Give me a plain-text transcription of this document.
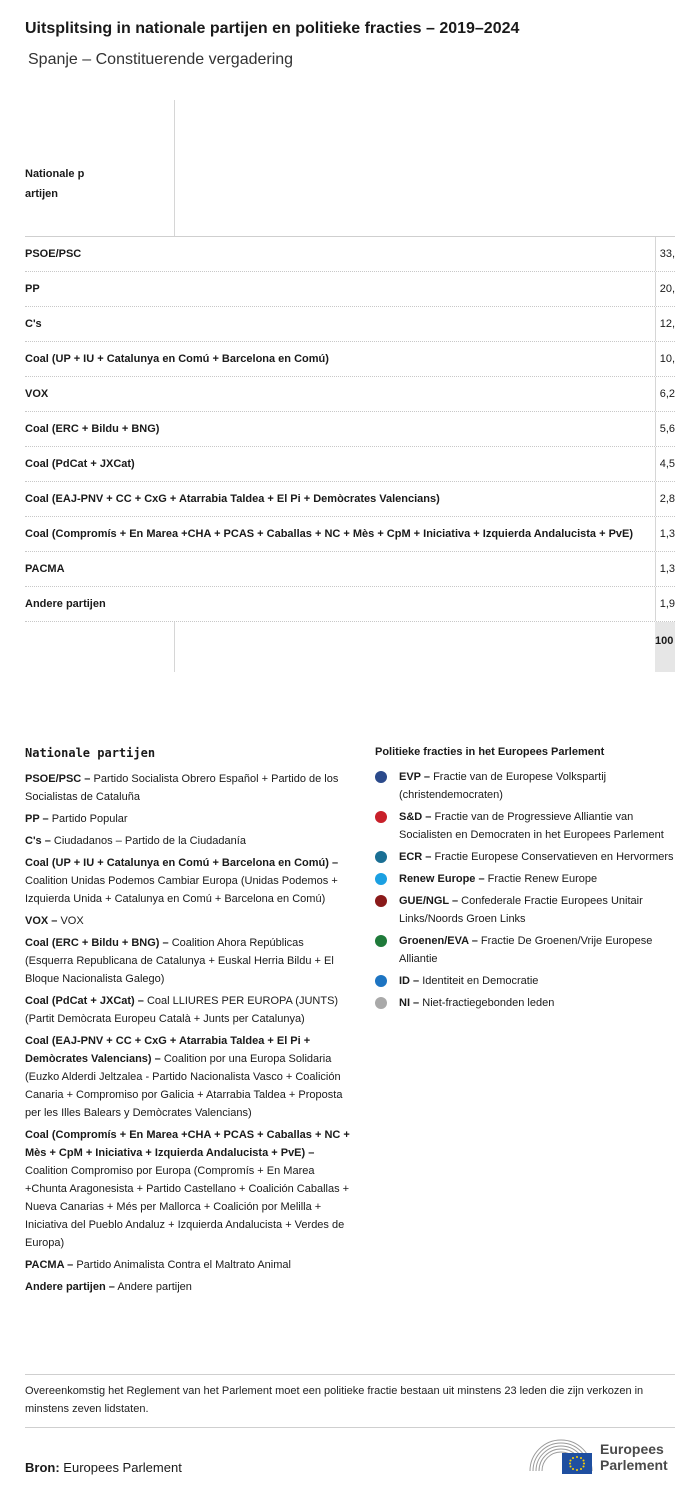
Uitsplitsing in nationale partijen en politieke fracties – 2019–2024
Spanje – Constituerende vergadering
Nationale partijen
PSOE/PSC	33,
PP	20,
C's	12,
Coal (UP + IU + Catalunya en Comú + Barcelona en Comú)	10,
VOX	6,2
Coal (ERC + Bildu + BNG)	5,6
Coal (PdCat + JXCat)	4,5
Coal (EAJ-PNV + CC + CxG + Atarrabia Taldea + El Pi + Demòcrates Valencians)	2,8
Coal (Compromís + En Marea +CHA + PCAS + Caballas + NC + Mès + CpM + Iniciativa + Izquierda Andalucista + PvE)	1,3
PACMA	1,3
Andere partijen	1,9
100
Nationale partijen
PSOE/PSC – Partido Socialista Obrero Español + Partido de los Socialistas de Cataluña
PP – Partido Popular
C's – Ciudadanos – Partido de la Ciudadanía
Coal (UP + IU + Catalunya en Comú + Barcelona en Comú) – Coalition Unidas Podemos Cambiar Europa (Unidas Podemos + Izquierda Unida + Catalunya en Comú + Barcelona en Comú)
VOX – VOX
Coal (ERC + Bildu + BNG) – Coalition Ahora Repúblicas (Esquerra Republicana de Catalunya + Euskal Herria Bildu + El Bloque Nacionalista Galego)
Coal (PdCat + JXCat) – Coal LLIURES PER EUROPA (JUNTS) (Partit Demòcrata Europeu Català + Junts per Catalunya)
Coal (EAJ-PNV + CC + CxG + Atarrabia Taldea + El Pi + Demòcrates Valencians) – Coalition por una Europa Solidaria (Euzko Alderdi Jeltzalea - Partido Nacionalista Vasco + Coalición Canaria + Compromiso por Galicia + Atarrabia Taldea + Proposta per les Illes Balears y Demòcrates Valencians)
Coal (Compromís + En Marea +CHA + PCAS + Caballas + NC + Mès + CpM + Iniciativa + Izquierda Andalucista + PvE) – Coalition Compromiso por Europa (Compromís + En Marea +Chunta Aragonesista + Partido Castellano + Coalición Caballas + Nueva Canarias + Més per Mallorca + Coalición por Melilla + Iniciativa del Pueblo Andaluz + Izquierda Andalucista + Verdes de Europa)
PACMA – Partido Animalista Contra el Maltrato Animal
Andere partijen – Andere partijen
Politieke fracties in het Europees Parlement
EVP – Fractie van de Europese Volkspartij (christendemocraten)
S&D – Fractie van de Progressieve Alliantie van Socialisten en Democraten in het Europees Parlement
ECR – Fractie Europese Conservatieven en Hervormers
Renew Europe – Fractie Renew Europe
GUE/NGL – Confederale Fractie Europees Unitair Links/Noords Groen Links
Groenen/EVA – Fractie De Groenen/Vrije Europese Alliantie
ID – Identiteit en Democratie
NI – Niet-fractiegebonden leden
Overeenkomstig het Reglement van het Parlement moet een politieke fractie bestaan uit minstens 23 leden die zijn verkozen in minstens zeven lidstaten.
Bron: Europees Parlement
Europees
Parlement
